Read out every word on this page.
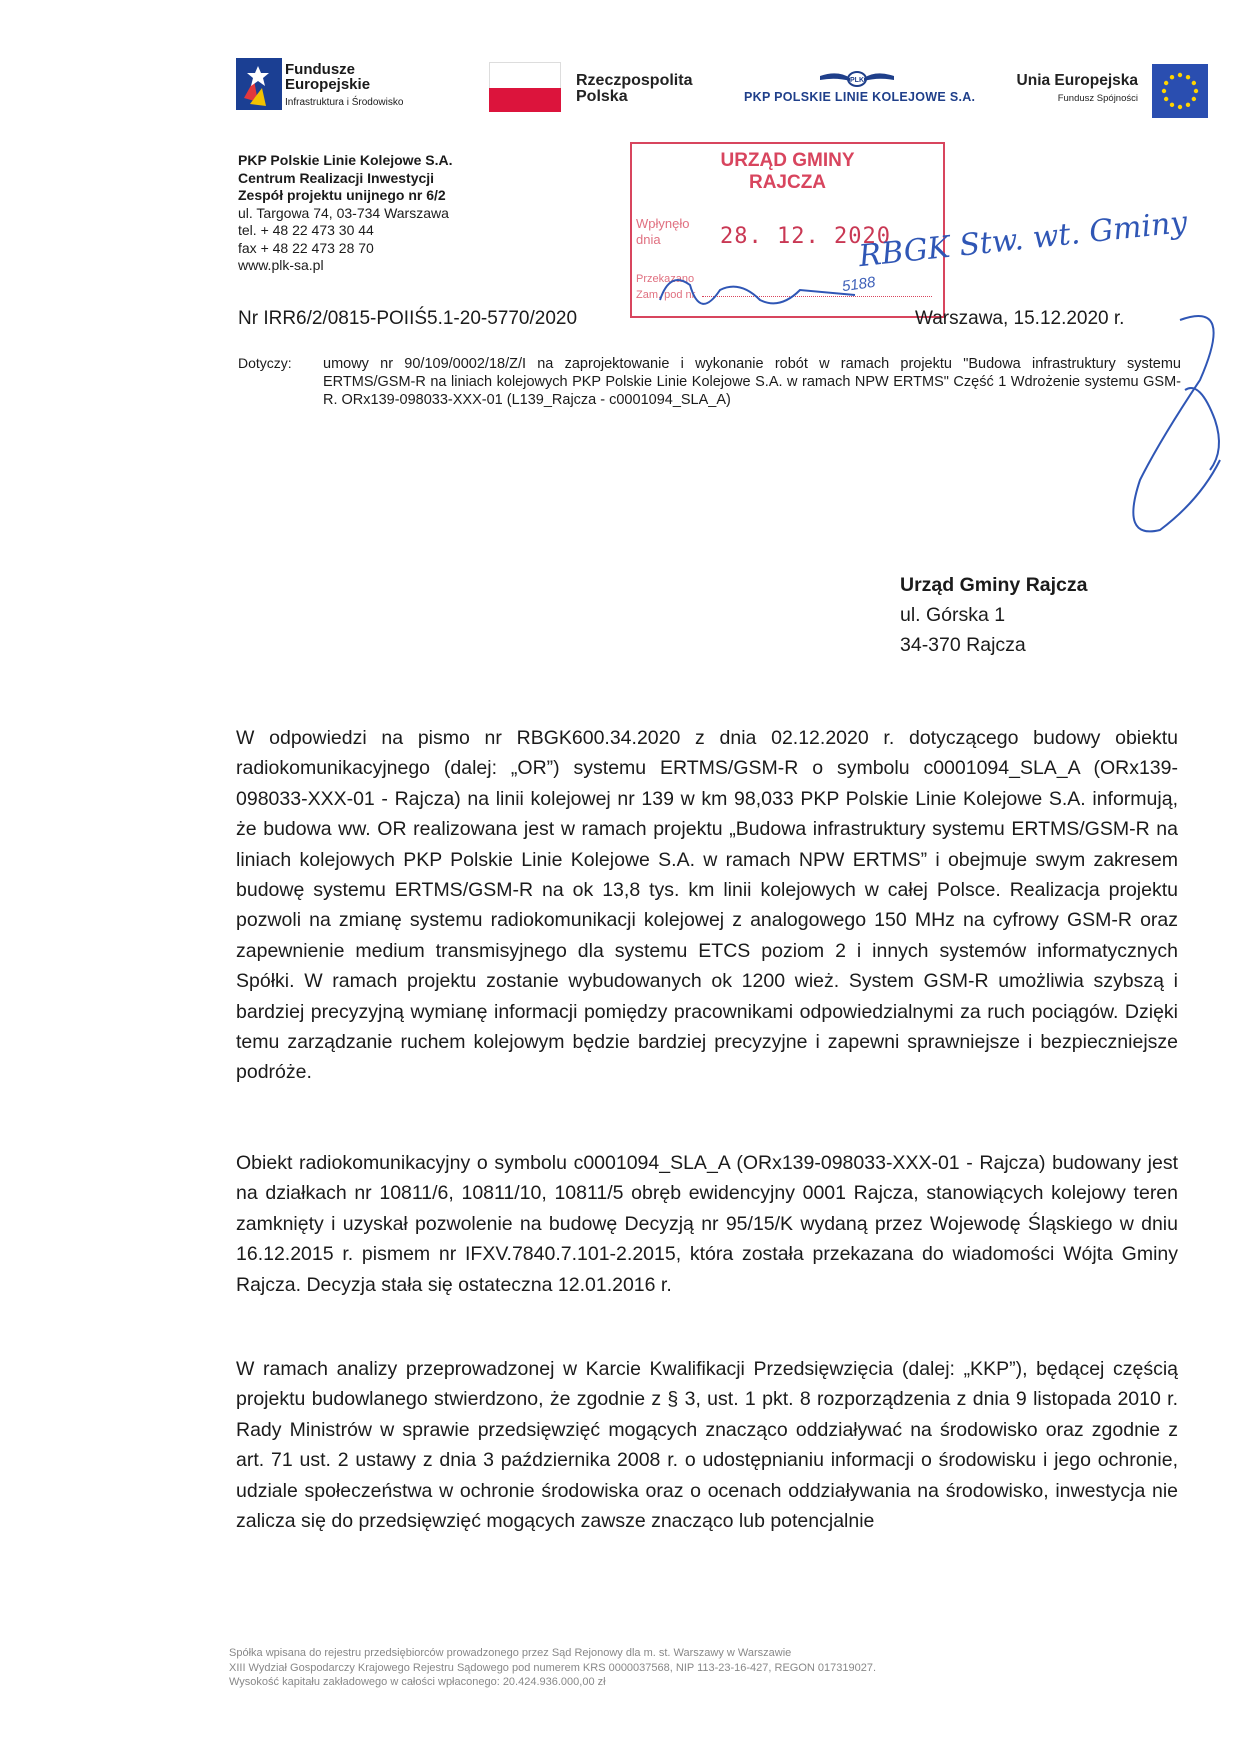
Fundusze
Europejskie
Infrastruktura i Środowisko
Rzeczpospolita
Polska
PLK
PKP POLSKIE LINIE KOLEJOWE S.A.
Unia Europejska
Fundusz Spójności
PKP Polskie Linie Kolejowe S.A.
Centrum Realizacji Inwestycji
Zespół projektu unijnego nr 6/2
ul. Targowa 74, 03-734 Warszawa
tel. + 48 22 473 30 44
fax + 48 22 473 28 70
www.plk-sa.pl
URZĄD GMINY
RAJCZA
Wpłynęło
dnia	28. 12. 2020
Przekazano
Zam. pod nr	5188
RBGK Stw. wt. Gminy
Nr IRR6/2/0815-POIIŚ5.1-20-5770/2020	Warszawa, 15.12.2020 r.
Dotyczy: umowy nr 90/109/0002/18/Z/I na zaprojektowanie i wykonanie robót w ramach projektu "Budowa infrastruktury systemu ERTMS/GSM-R na liniach kolejowych PKP Polskie Linie Kolejowe S.A. w ramach NPW ERTMS" Część 1 Wdrożenie systemu GSM-R. ORx139-098033-XXX-01 (L139_Rajcza - c0001094_SLA_A)
Urząd Gminy Rajcza
ul. Górska 1
34-370 Rajcza
W odpowiedzi na pismo nr RBGK600.34.2020 z dnia 02.12.2020 r. dotyczącego budowy obiektu radiokomunikacyjnego (dalej: „OR”) systemu ERTMS/GSM-R o symbolu c0001094_SLA_A (ORx139-098033-XXX-01 - Rajcza) na linii kolejowej nr 139 w km 98,033 PKP Polskie Linie Kolejowe S.A. informują, że budowa ww. OR realizowana jest w ramach projektu „Budowa infrastruktury systemu ERTMS/GSM-R na liniach kolejowych PKP Polskie Linie Kolejowe S.A. w ramach NPW ERTMS” i obejmuje swym zakresem budowę systemu ERTMS/GSM-R na ok 13,8 tys. km linii kolejowych w całej Polsce. Realizacja projektu pozwoli na zmianę systemu radiokomunikacji kolejowej z analogowego 150 MHz na cyfrowy GSM-R oraz zapewnienie medium transmisyjnego dla systemu ETCS poziom 2 i innych systemów informatycznych Spółki. W ramach projektu zostanie wybudowanych ok 1200 wież. System GSM-R umożliwia szybszą i bardziej precyzyjną wymianę informacji pomiędzy pracownikami odpowiedzialnymi za ruch pociągów. Dzięki temu zarządzanie ruchem kolejowym będzie bardziej precyzyjne i zapewni sprawniejsze i bezpieczniejsze podróże.
Obiekt radiokomunikacyjny o symbolu c0001094_SLA_A (ORx139-098033-XXX-01 - Rajcza) budowany jest na działkach nr 10811/6, 10811/10, 10811/5 obręb ewidencyjny 0001 Rajcza, stanowiących kolejowy teren zamknięty i uzyskał pozwolenie na budowę Decyzją nr 95/15/K wydaną przez Wojewodę Śląskiego w dniu 16.12.2015 r. pismem nr IFXV.7840.7.101-2.2015, która została przekazana do wiadomości Wójta Gminy Rajcza. Decyzja stała się ostateczna 12.01.2016 r.
W ramach analizy przeprowadzonej w Karcie Kwalifikacji Przedsięwzięcia (dalej: „KKP”), będącej częścią projektu budowlanego stwierdzono, że zgodnie z § 3, ust. 1 pkt. 8 rozporządzenia z dnia 9 listopada 2010 r. Rady Ministrów w sprawie przedsięwzięć mogących znacząco oddziaływać na środowisko oraz zgodnie z art. 71 ust. 2 ustawy z dnia 3 października 2008 r. o udostępnianiu informacji o środowisku i jego ochronie, udziale społeczeństwa w ochronie środowiska oraz o ocenach oddziaływania na środowisko, inwestycja nie zalicza się do przedsięwzięć mogących zawsze znacząco lub potencjalnie
Spółka wpisana do rejestru przedsiębiorców prowadzonego przez Sąd Rejonowy dla m. st. Warszawy w Warszawie
XIII Wydział Gospodarczy Krajowego Rejestru Sądowego pod numerem KRS 0000037568, NIP 113-23-16-427, REGON 017319027.
Wysokość kapitału zakładowego w całości wpłaconego: 20.424.936.000,00 zł
